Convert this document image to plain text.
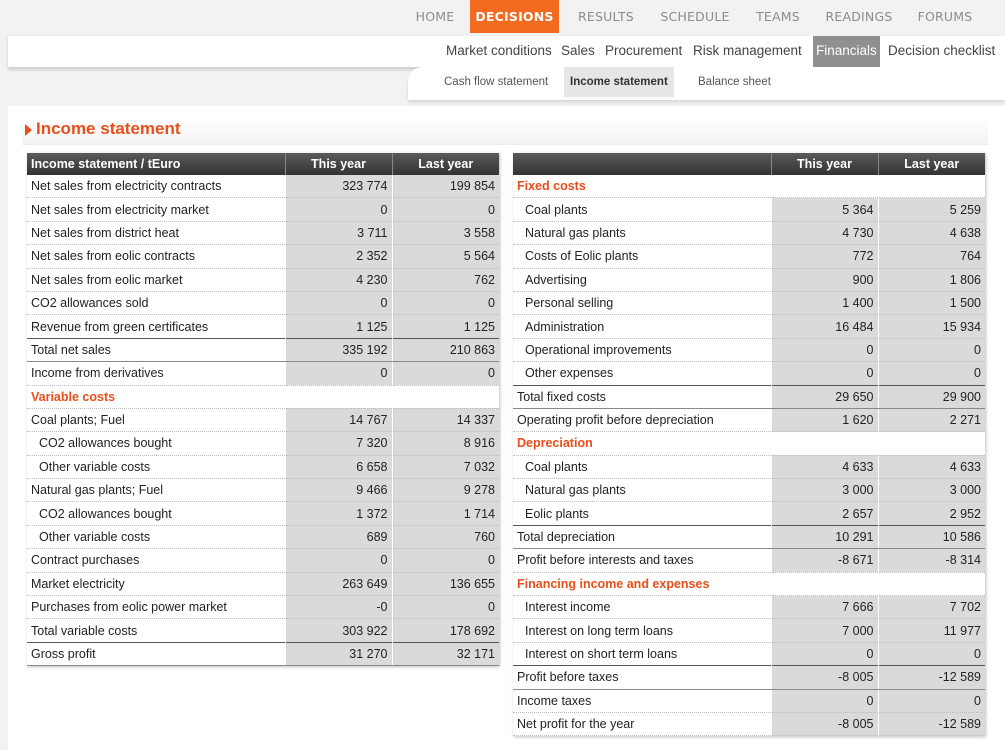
HOME	DECISIONS	RESULTS	SCHEDULE	TEAMS	READINGS	FORUMS
Market conditions Sales Procurement Risk management Financials Decision checklist
Cash flow statement	Income statement	Balance sheet
Income statement
Income statement / tEuro	This year	Last year
Net sales from electricity contracts	323 774	199 854
Net sales from electricity market	0	0
Net sales from district heat	3 711	3 558
Net sales from eolic contracts	2 352	5 564
Net sales from eolic market	4 230	762
CO2 allowances sold	0	0
Revenue from green certificates	1 125	1 125
Total net sales	335 192	210 863
Income from derivatives	0	0
Variable costs		
Coal plants; Fuel	14 767	14 337
CO2 allowances bought	7 320	8 916
Other variable costs	6 658	7 032
Natural gas plants; Fuel	9 466	9 278
CO2 allowances bought	1 372	1 714
Other variable costs	689	760
Contract purchases	0	0
Market electricity	263 649	136 655
Purchases from eolic power market	-0	0
Total variable costs	303 922	178 692
Gross profit	31 270	32 171
	This year	Last year
Fixed costs		
Coal plants	5 364	5 259
Natural gas plants	4 730	4 638
Costs of Eolic plants	772	764
Advertising	900	1 806
Personal selling	1 400	1 500
Administration	16 484	15 934
Operational improvements	0	0
Other expenses	0	0
Total fixed costs	29 650	29 900
Operating profit before depreciation	1 620	2 271
Depreciation		
Coal plants	4 633	4 633
Natural gas plants	3 000	3 000
Eolic plants	2 657	2 952
Total depreciation	10 291	10 586
Profit before interests and taxes	-8 671	-8 314
Financing income and expenses		
Interest income	7 666	7 702
Interest on long term loans	7 000	11 977
Interest on short term loans	0	0
Profit before taxes	-8 005	-12 589
Income taxes	0	0
Net profit for the year	-8 005	-12 589
